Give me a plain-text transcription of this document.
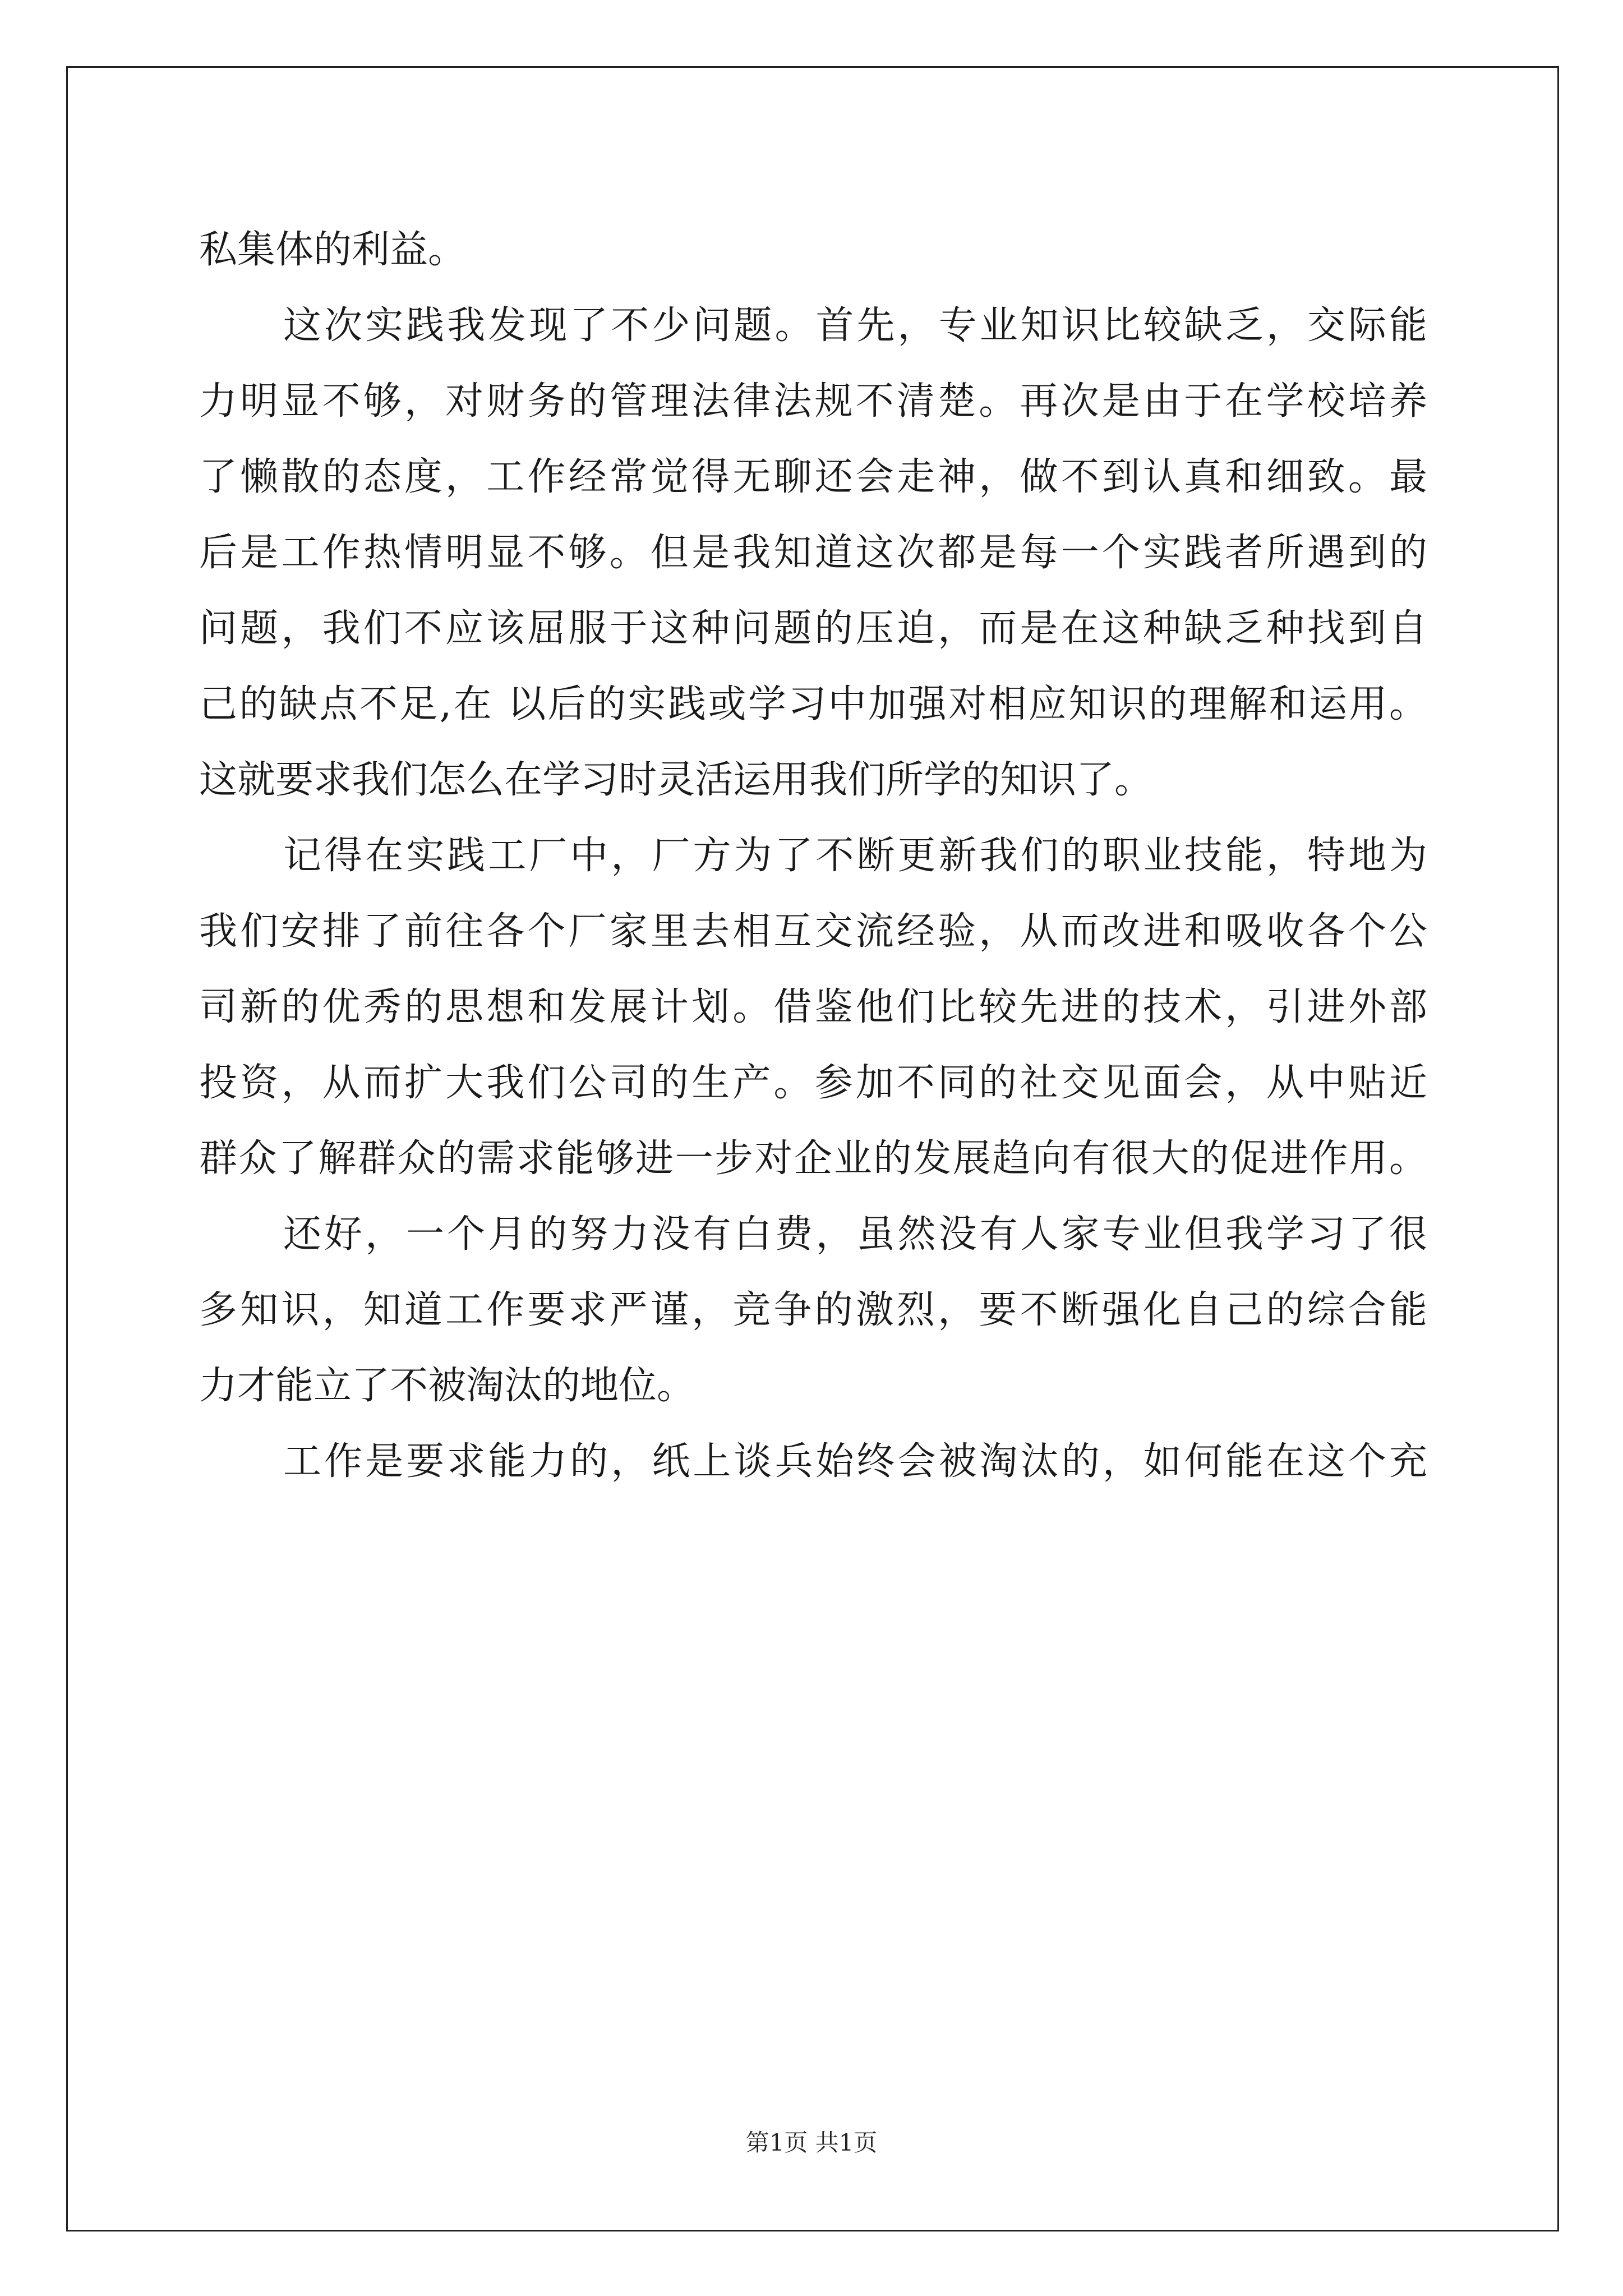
私集体的利益。

这次实践我发现了不少问题。首先，专业知识比较缺乏，交际能

力明显不够，对财务的管理法律法规不清楚。再次是由于在学校培养

了懒散的态度，工作经常觉得无聊还会走神，做不到认真和细致。最

后是工作热情明显不够。但是我知道这次都是每一个实践者所遇到的

问题，我们不应该屈服于这种问题的压迫，而是在这种缺乏种找到自

己的缺点不足,在 以后的实践或学习中加强对相应知识的理解和运用。

这就要求我们怎么在学习时灵活运用我们所学的知识了。

记得在实践工厂中，厂方为了不断更新我们的职业技能，特地为

我们安排了前往各个厂家里去相互交流经验，从而改进和吸收各个公

司新的优秀的思想和发展计划。借鉴他们比较先进的技术，引进外部

投资，从而扩大我们公司的生产。参加不同的社交见面会，从中贴近

群众了解群众的需求能够进一步对企业的发展趋向有很大的促进作用。

还好，一个月的努力没有白费，虽然没有人家专业但我学习了很

多知识，知道工作要求严谨，竞争的激烈，要不断强化自己的综合能

力才能立了不被淘汰的地位。

工作是要求能力的，纸上谈兵始终会被淘汰的，如何能在这个充

第1页 共1页
